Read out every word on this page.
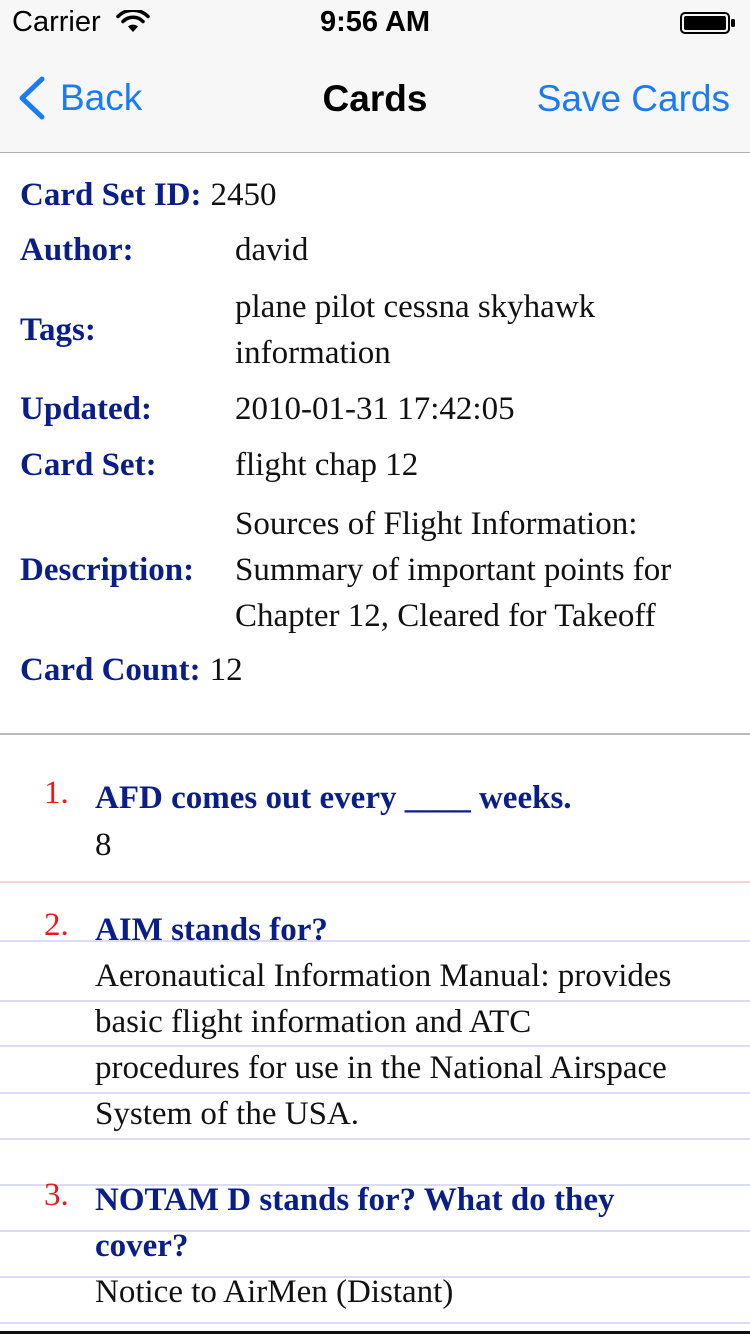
Carrier	9:56 AM
Back	Cards	Save Cards
Card Set ID: 2450
Author:	david
Tags:
plane pilot cessna skyhawk
information
Updated:	2010-01-31 17:42:05
Card Set:	flight chap 12
Description:
Sources of Flight Information:
Summary of important points for
Chapter 12, Cleared for Takeoff
Card Count: 12
1. AFD comes out every ____ weeks.
8
2. AIM stands for?
Aeronautical Information Manual: provides
basic flight information and ATC
procedures for use in the National Airspace
System of the USA.
3. NOTAM D stands for? What do they
cover?
Notice to AirMen (Distant)
